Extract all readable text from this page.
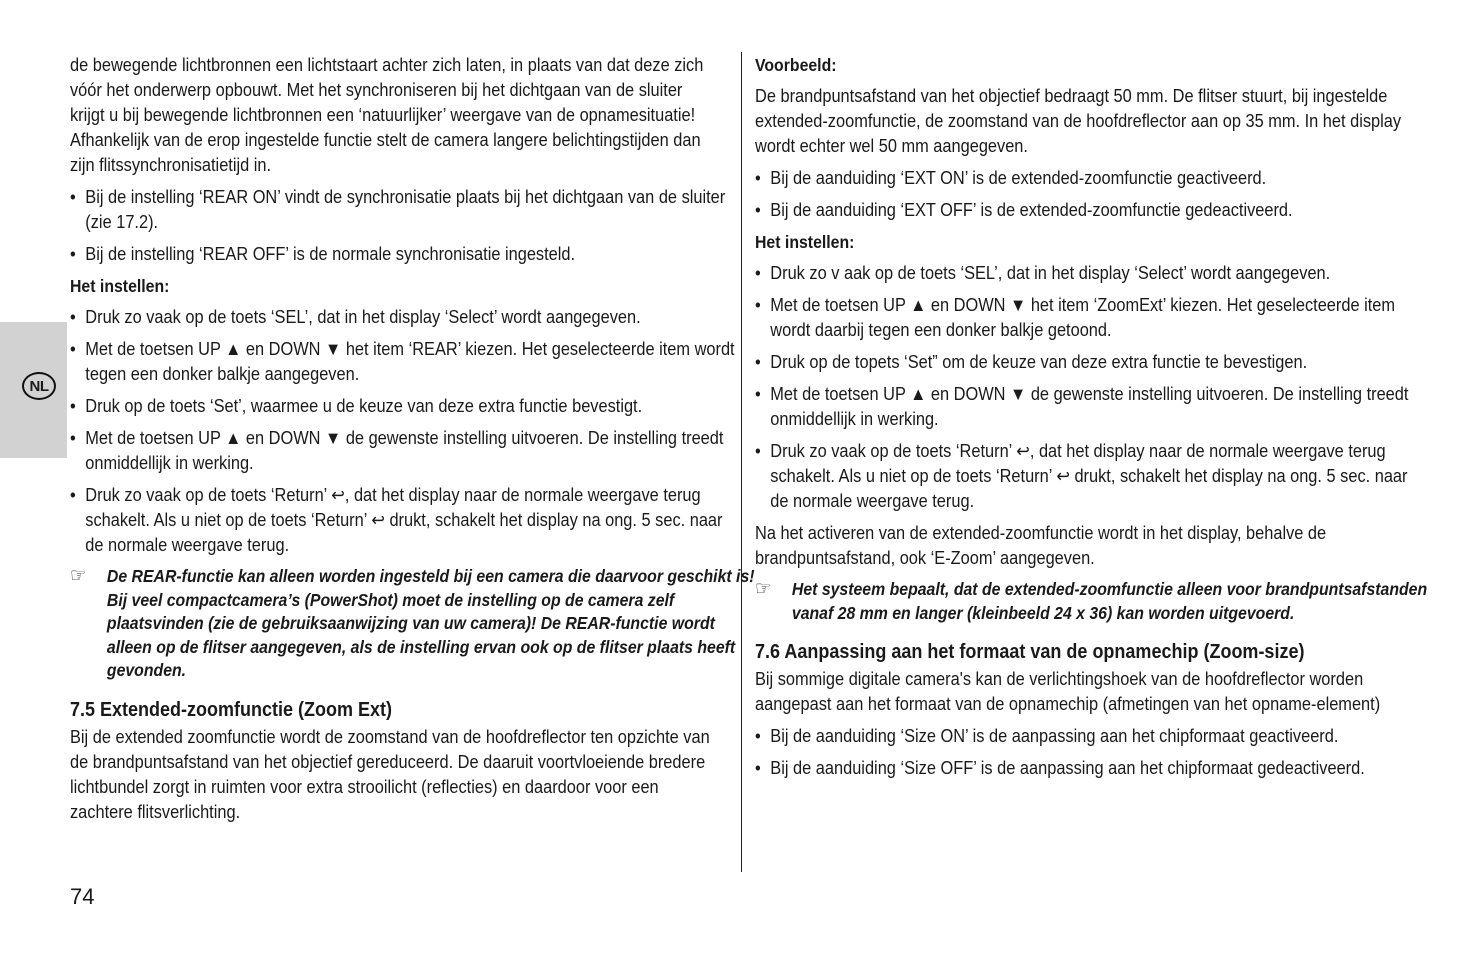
NL

de bewegende lichtbronnen een lichtstaart achter zich laten, in plaats van dat deze zich vóór het onderwerp opbouwt. Met het synchroniseren bij het dichtgaan van de sluiter krijgt u bij bewegende lichtbronnen een ‘natuurlijker’ weergave van de opnamesituatie! Afhankelijk van de erop ingestelde functie stelt de camera langere belichtingstijden dan zijn flitssynchronisatietijd in.

• Bij de instelling ‘REAR ON’ vindt de synchronisatie plaats bij het dichtgaan van de sluiter (zie 17.2).
• Bij de instelling ‘REAR OFF’ is de normale synchronisatie ingesteld.
Het instellen:
• Druk zo vaak op de toets ‘SEL’, dat in het display ‘Select’ wordt aangegeven.
• Met de toetsen UP ▲ en DOWN ▼ het item ‘REAR’ kiezen. Het geselecteerde item wordt tegen een donker balkje aangegeven.
• Druk op de toets ‘Set’, waarmee u de keuze van deze extra functie bevestigt.
• Met de toetsen UP ▲ en DOWN ▼ de gewenste instelling uitvoeren. De instelling treedt onmiddellijk in werking.
• Druk zo vaak op de toets ‘Return’ ↩, dat het display naar de normale weergave terug schakelt. Als u niet op de toets ‘Return’ ↩ drukt, schakelt het display na ong. 5 sec. naar de normale weergave terug.
☞ De REAR-functie kan alleen worden ingesteld bij een camera die daarvoor geschikt is! Bij veel compactcamera’s (PowerShot) moet de instelling op de camera zelf plaatsvinden (zie de gebruiksaanwijzing van uw camera)! De REAR-functie wordt alleen op de flitser aangegeven, als de instelling ervan ook op de flitser plaats heeft gevonden.
7.5 Extended-zoomfunctie (Zoom Ext)

Bij de extended zoomfunctie wordt de zoomstand van de hoofdreflector ten opzichte van de brandpuntsafstand van het objectief gereduceerd. De daaruit voortvloeiende bredere lichtbundel zorgt in ruimten voor extra strooilicht (reflecties) en daardoor voor een zachtere flitsverlichting.

Voorbeeld:

De brandpuntsafstand van het objectief bedraagt 50 mm. De flitser stuurt, bij ingestelde extended-zoomfunctie, de zoomstand van de hoofdreflector aan op 35 mm. In het display wordt echter wel 50 mm aangegeven.

• Bij de aanduiding ‘EXT ON’ is de extended-zoomfunctie geactiveerd.
• Bij de aanduiding ‘EXT OFF’ is de extended-zoomfunctie gedeactiveerd.
Het instellen:
• Druk zo v aak op de toets ‘SEL’, dat in het display ‘Select’ wordt aangegeven.
• Met de toetsen UP ▲ en DOWN ▼ het item ‘ZoomExt’ kiezen. Het geselecteerde item wordt daarbij tegen een donker balkje getoond.
• Druk op de topets ‘Set” om de keuze van deze extra functie te bevestigen.
• Met de toetsen UP ▲ en DOWN ▼ de gewenste instelling uitvoeren. De instelling treedt onmiddellijk in werking.
• Druk zo vaak op de toets ‘Return’ ↩, dat het display naar de normale weergave terug schakelt. Als u niet op de toets ‘Return’ ↩ drukt, schakelt het display na ong. 5 sec. naar de normale weergave terug.

Na het activeren van de extended-zoomfunctie wordt in het display, behalve de brandpuntsafstand, ook ‘E-Zoom’ aangegeven.

☞ Het systeem bepaalt, dat de extended-zoomfunctie alleen voor brandpuntsafstanden vanaf 28 mm en langer (kleinbeeld 24 x 36) kan worden uitgevoerd.
7.6 Aanpassing aan het formaat van de opnamechip (Zoom-size)

Bij sommige digitale camera's kan de verlichtingshoek van de hoofdreflector worden aangepast aan het formaat van de opnamechip (afmetingen van het opname-element)

• Bij de aanduiding ‘Size ON’ is de aanpassing aan het chipformaat geactiveerd.
• Bij de aanduiding ‘Size OFF’ is de aanpassing aan het chipformaat gedeactiveerd.
74
